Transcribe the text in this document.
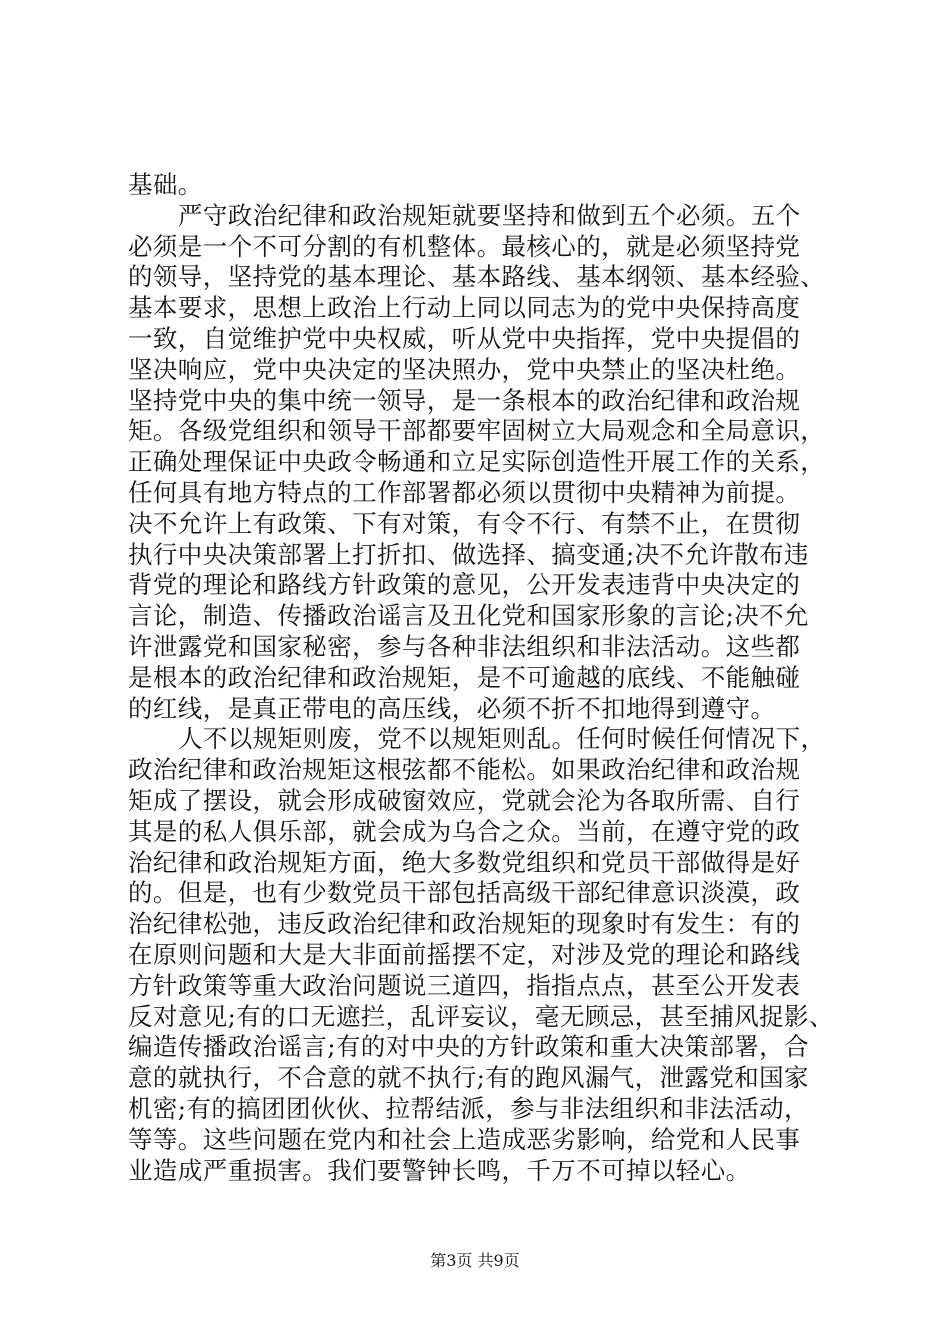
基础。
严守政治纪律和政治规矩就要坚持和做到五个必须。五个
必须是一个不可分割的有机整体。最核心的，就是必须坚持党
的领导，坚持党的基本理论、基本路线、基本纲领、基本经验、
基本要求，思想上政治上行动上同以同志为的党中央保持高度
一致，自觉维护党中央权威，听从党中央指挥，党中央提倡的
坚决响应，党中央决定的坚决照办，党中央禁止的坚决杜绝。
坚持党中央的集中统一领导，是一条根本的政治纪律和政治规
矩。各级党组织和领导干部都要牢固树立大局观念和全局意识，
正确处理保证中央政令畅通和立足实际创造性开展工作的关系，
任何具有地方特点的工作部署都必须以贯彻中央精神为前提。
决不允许上有政策、下有对策，有令不行、有禁不止，在贯彻
执行中央决策部署上打折扣、做选择、搞变通;决不允许散布违
背党的理论和路线方针政策的意见，公开发表违背中央决定的
言论，制造、传播政治谣言及丑化党和国家形象的言论;决不允
许泄露党和国家秘密，参与各种非法组织和非法活动。这些都
是根本的政治纪律和政治规矩，是不可逾越的底线、不能触碰
的红线，是真正带电的高压线，必须不折不扣地得到遵守。
人不以规矩则废，党不以规矩则乱。任何时候任何情况下，
政治纪律和政治规矩这根弦都不能松。如果政治纪律和政治规
矩成了摆设，就会形成破窗效应，党就会沦为各取所需、自行
其是的私人俱乐部，就会成为乌合之众。当前，在遵守党的政
治纪律和政治规矩方面，绝大多数党组织和党员干部做得是好
的。但是，也有少数党员干部包括高级干部纪律意识淡漠，政
治纪律松弛，违反政治纪律和政治规矩的现象时有发生：有的
在原则问题和大是大非面前摇摆不定，对涉及党的理论和路线
方针政策等重大政治问题说三道四，指指点点，甚至公开发表
反对意见;有的口无遮拦，乱评妄议，毫无顾忌，甚至捕风捉影、
编造传播政治谣言;有的对中央的方针政策和重大决策部署，合
意的就执行，不合意的就不执行;有的跑风漏气，泄露党和国家
机密;有的搞团团伙伙、拉帮结派，参与非法组织和非法活动，
等等。这些问题在党内和社会上造成恶劣影响，给党和人民事
业造成严重损害。我们要警钟长鸣，千万不可掉以轻心。
第3页 共9页
